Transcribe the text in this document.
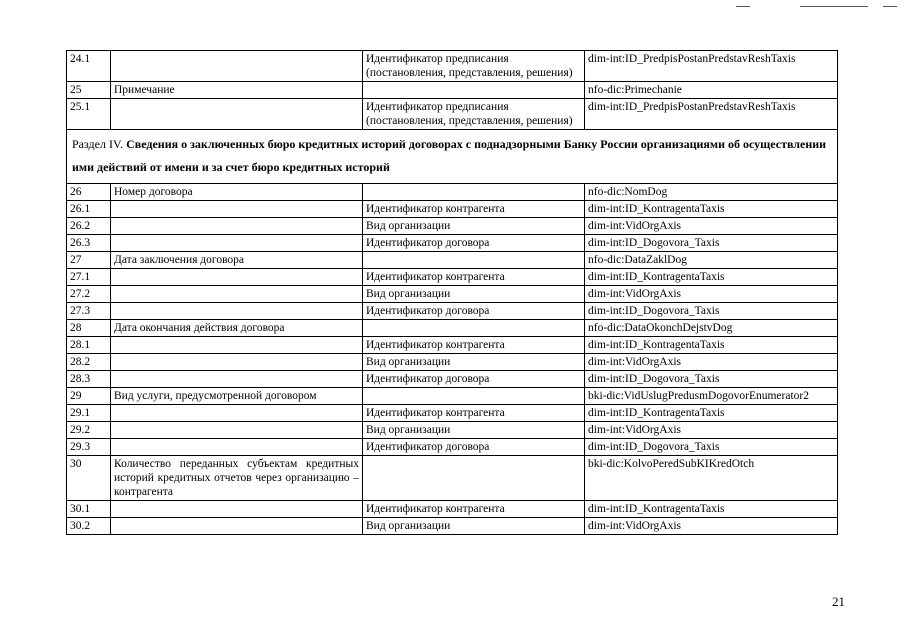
24.1		Идентификатор предписания (постановления, представления, решения)	dim-int:ID_PredpisPostanPredstavReshTaxis
25	Примечание		nfo-dic:Primechanie
25.1		Идентификатор предписания (постановления, представления, решения)	dim-int:ID_PredpisPostanPredstavReshTaxis
Раздел IV. Сведения о заключенных бюро кредитных историй договорах с поднадзорными Банку России организациями об осуществлении ими действий от имени и за счет бюро кредитных историй			
26	Номер договора		nfo-dic:NomDog
26.1		Идентификатор контрагента	dim-int:ID_KontragentaTaxis
26.2		Вид организации	dim-int:VidOrgAxis
26.3		Идентификатор договора	dim-int:ID_Dogovora_Taxis
27	Дата заключения договора		nfo-dic:DataZaklDog
27.1		Идентификатор контрагента	dim-int:ID_KontragentaTaxis
27.2		Вид организации	dim-int:VidOrgAxis
27.3		Идентификатор договора	dim-int:ID_Dogovora_Taxis
28	Дата окончания действия договора		nfo-dic:DataOkonchDejstvDog
28.1		Идентификатор контрагента	dim-int:ID_KontragentaTaxis
28.2		Вид организации	dim-int:VidOrgAxis
28.3		Идентификатор договора	dim-int:ID_Dogovora_Taxis
29	Вид услуги, предусмотренной договором		bki-dic:VidUslugPredusmDogovorEnumerator2
29.1		Идентификатор контрагента	dim-int:ID_KontragentaTaxis
29.2		Вид организации	dim-int:VidOrgAxis
29.3		Идентификатор договора	dim-int:ID_Dogovora_Taxis
30	Количество переданных субъектам кредитных историй кредитных отчетов через организацию – контрагента		bki-dic:KolvoPeredSubKIKredOtch
30.1		Идентификатор контрагента	dim-int:ID_KontragentaTaxis
30.2		Вид организации	dim-int:VidOrgAxis
21
